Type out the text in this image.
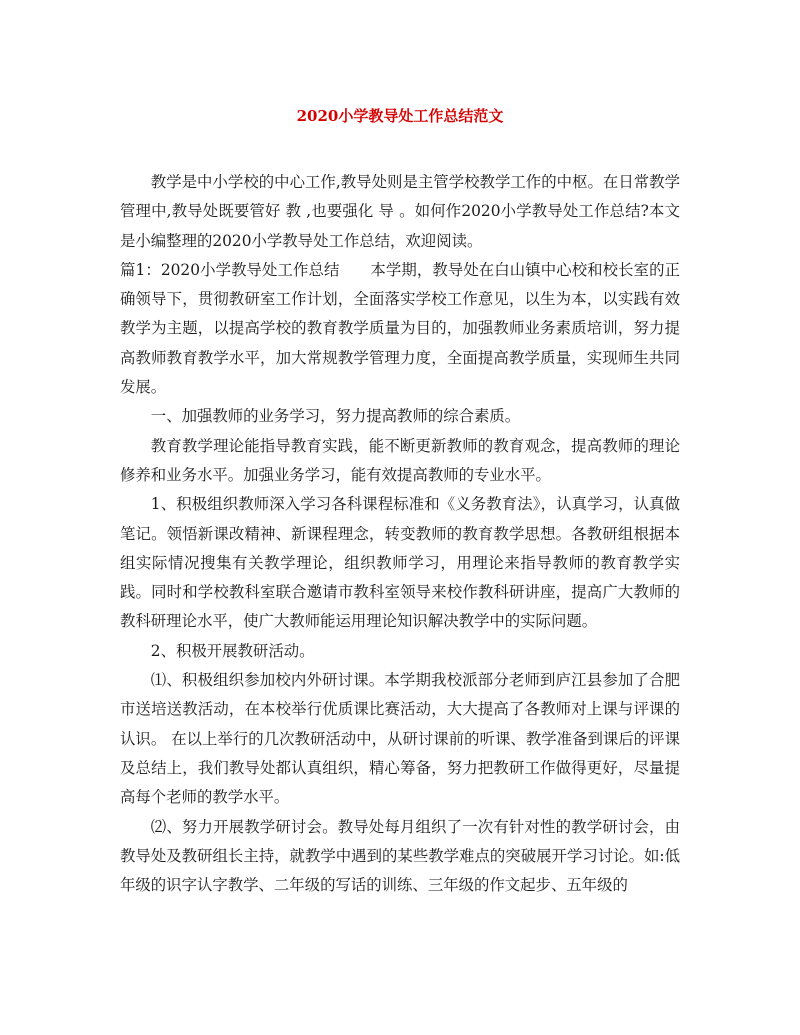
2020小学教导处工作总结范文

教学是中小学校的中心工作,教导处则是主管学校教学工作的中枢。在日常教学管理中,教导处既要管好 教 ,也要强化 导 。如何作2020小学教导处工作总结?本文是小编整理的2020小学教导处工作总结，欢迎阅读。

篇1：2020小学教导处工作总结　　本学期，教导处在白山镇中心校和校长室的正确领导下，贯彻教研室工作计划，全面落实学校工作意见，以生为本，以实践有效教学为主题，以提高学校的教育教学质量为目的，加强教师业务素质培训，努力提高教师教育教学水平，加大常规教学管理力度，全面提高教学质量，实现师生共同发展。

一、加强教师的业务学习，努力提高教师的综合素质。

教育教学理论能指导教育实践，能不断更新教师的教育观念，提高教师的理论修养和业务水平。加强业务学习，能有效提高教师的专业水平。

1、积极组织教师深入学习各科课程标准和《义务教育法》，认真学习，认真做笔记。领悟新课改精神、新课程理念，转变教师的教育教学思想。各教研组根据本组实际情况搜集有关教学理论，组织教师学习，用理论来指导教师的教育教学实践。同时和学校教科室联合邀请市教科室领导来校作教科研讲座，提高广大教师的教科研理论水平，使广大教师能运用理论知识解决教学中的实际问题。

2、积极开展教研活动。

⑴、积极组织参加校内外研讨课。本学期我校派部分老师到庐江县参加了合肥市送培送教活动，在本校举行优质课比赛活动，大大提高了各教师对上课与评课的认识。 在以上举行的几次教研活动中，从研讨课前的听课、教学准备到课后的评课及总结上，我们教导处都认真组织，精心筹备，努力把教研工作做得更好，尽量提高每个老师的教学水平。

⑵、努力开展教学研讨会。教导处每月组织了一次有针对性的教学研讨会，由教导处及教研组长主持，就教学中遇到的某些教学难点的突破展开学习讨论。如:低年级的识字认字教学、二年级的写话的训练、三年级的作文起步、五年级的
